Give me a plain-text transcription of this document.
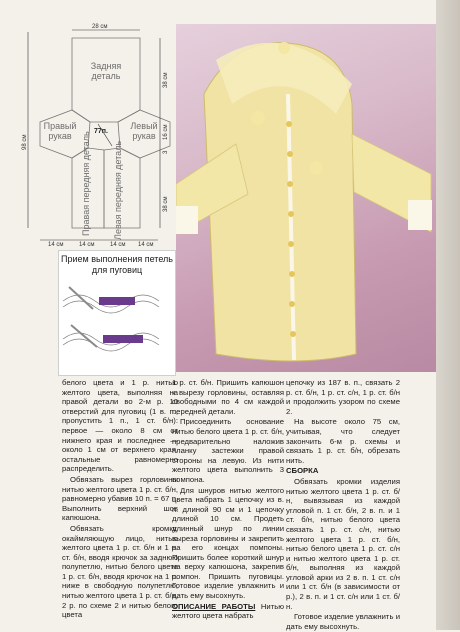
28 см
98 см
38 см
16 см
3
38 см
Задняя деталь
Правый рукав
Левый рукав
77п.
Правая передняя деталь Левая передняя деталь
14 см	14 см	14 см 14 см
Прием выполнения петель для пуговиц

белого цвета и 1 р. нитью желтого цвета, выполняя на правой детали во 2-м р. 10 отверстий для пуговиц (1 в. п., пропустить 1 п., 1 ст. б/н): первое — около 8 см от нижнего края и последнее — около 1 см от верхнего края, остальные равномерно распределить.

Обвязать вырез горловины нитью желтого цвета 1 р. ст. б/н, равномерно убавив 10 п. = 67 п. Выполнить верхний шов капюшона.

Обвязать кромку, окаймляющую лицо, нитью желтого цвета 1 р. ст. б/н и 1 р. ст. б/н, вводя крючок за заднюю полупетлю, нитью белого цвета 1 р. ст. б/н, вводя крючок на 1 р. ниже в свободную полупетлю, нитью желтого цвета 1 р. ст. б/н, 2 р. по схеме 2 и нитью белого цвета

1 р. ст. б/н. Пришить капюшон к вырезу горловины, оставляя свободными по 4 см каждой передней детали.

Присоединить основание нитью белого цвета 1 р. ст. б/н, предварительно наложив планку застежки правой стороны на левую. Из нити желтого цвета выполнить 3 помпона.

Для шнуров нитью желтого цвета набрать 1 цепочку из в. п. длиной 90 см и 1 цепочку длиной 10 см. Продеть длинный шнур по линии выреза горловины и закрепить на его концах помпоны. Пришить более короткий шнур на верху капюшона, закрепив помпон. Пришить пуговицы. Готовое изделие увлажнить и дать ему высохнуть.

ОПИСАНИЕ РАБОТЫ Нитью желтого цвета набрать

цепочку из 187 в. п., связать 2 р. ст. б/н, 1 р. ст. с/н, 1 р. ст. б/н и продолжить узором по схеме 2.

На высоте около 75 см, учитывая, что следует закончить 6-м р. схемы и связать 1 р. ст. б/н, обрезать нить.

СБОРКА

Обвязать кромки изделия нитью желтого цвета 1 р. ст. б/н, вывязывая из каждой угловой п. 1 ст. б/н, 2 в. п. и 1 ст. б/н, нитью белого цвета связать 1 р. ст. с/н, нитью желтого цвета 1 р. ст. б/н, нитью белого цвета 1 р. ст. с/н и нитью желтого цвета 1 р. ст. б/н, выполняя из каждой угловой арки из 2 в. п. 1 ст. с/н или 1 ст. б/н (в зависимости от р.), 2 в. п. и 1 ст. с/н или 1 ст. б/н.

Готовое изделие увлажнить и дать ему высохнуть.
